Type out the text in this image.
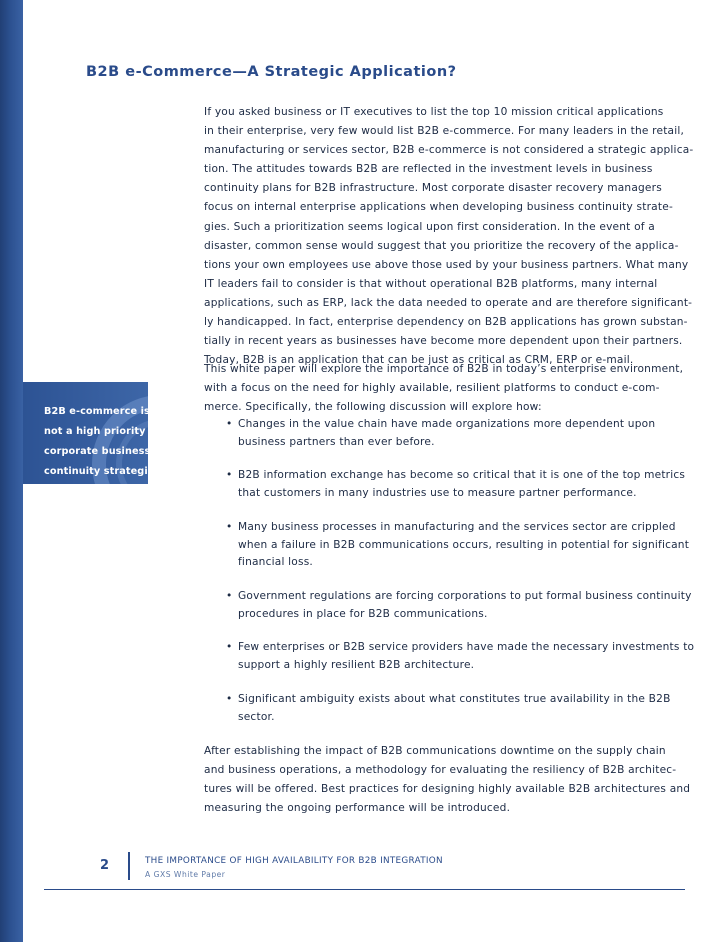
B2B e-commerce is often
not a high priority in
corporate business
continuity strategies.
B2B e-Commerce—A Strategic Application?
If you asked business or IT executives to list the top 10 mission critical applications
in their enterprise, very few would list B2B e-commerce. For many leaders in the retail,
manufacturing or services sector, B2B e-commerce is not considered a strategic applica-
tion. The attitudes towards B2B are reflected in the investment levels in business
continuity plans for B2B infrastructure. Most corporate disaster recovery managers
focus on internal enterprise applications when developing business continuity strate-
gies. Such a prioritization seems logical upon first consideration. In the event of a
disaster, common sense would suggest that you prioritize the recovery of the applica-
tions your own employees use above those used by your business partners. What many
IT leaders fail to consider is that without operational B2B platforms, many internal
applications, such as ERP, lack the data needed to operate and are therefore significant-
ly handicapped. In fact, enterprise dependency on B2B applications has grown substan-
tially in recent years as businesses have become more dependent upon their partners.
Today, B2B is an application that can be just as critical as CRM, ERP or e-mail.
This white paper will explore the importance of B2B in today’s enterprise environment,
with a focus on the need for highly available, resilient platforms to conduct e-com-
merce. Specifically, the following discussion will explore how:
• Changes in the value chain have made organizations more dependent upon
business partners than ever before.
• B2B information exchange has become so critical that it is one of the top metrics
that customers in many industries use to measure partner performance.
• Many business processes in manufacturing and the services sector are crippled
when a failure in B2B communications occurs, resulting in potential for significant
financial loss.
• Government regulations are forcing corporations to put formal business continuity
procedures in place for B2B communications.
• Few enterprises or B2B service providers have made the necessary investments to
support a highly resilient B2B architecture.
• Significant ambiguity exists about what constitutes true availability in the B2B
sector.
After establishing the impact of B2B communications downtime on the supply chain
and business operations, a methodology for evaluating the resiliency of B2B architec-
tures will be offered. Best practices for designing highly available B2B architectures and
measuring the ongoing performance will be introduced.
2	THE IMPORTANCE OF HIGH AVAILABILITY FOR B2B INTEGRATION
A GXS White Paper
